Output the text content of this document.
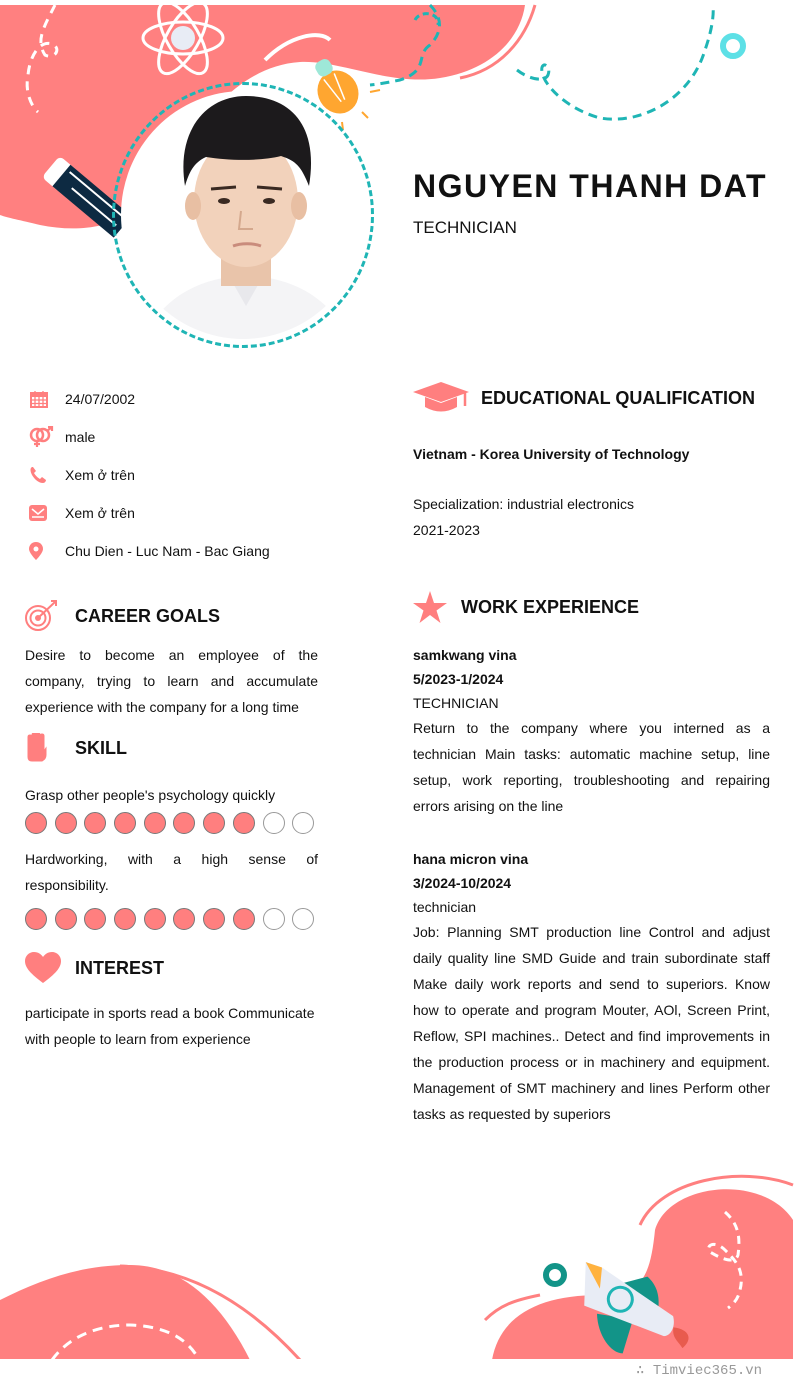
NGUYEN THANH DAT
TECHNICIAN
24/07/2002
male
Xem ở trên
Xem ở trên
Chu Dien - Luc Nam - Bac Giang
CAREER GOALS

Desire to become an employee of the company, trying to learn and accumulate experience with the company for a long time

SKILL

Grasp other people's psychology quickly

Hardworking, with a high sense of responsibility.

INTEREST

participate in sports read a book Communicate with people to learn from experience

EDUCATIONAL QUALIFICATION
Vietnam - Korea University of Technology
Specialization: industrial electronics
2021-2023
WORK EXPERIENCE
samkwang vina
5/2023-1/2024
TECHNICIAN

Return to the company where you interned as a technician Main tasks: automatic machine setup, line setup, work reporting, troubleshooting and repairing errors arising on the line

hana micron vina
3/2024-10/2024
technician

Job: Planning SMT production line Control and adjust daily quality line SMD Guide and train subordinate staff Make daily work reports and send to superiors. Know how to operate and program Mouter, AOl, Screen Print, Reflow, SPI machines.. Detect and find improvements in the production process or in machinery and equipment. Management of SMT machinery and lines Perform other tasks as requested by superiors

∴ Timviec365.vn
